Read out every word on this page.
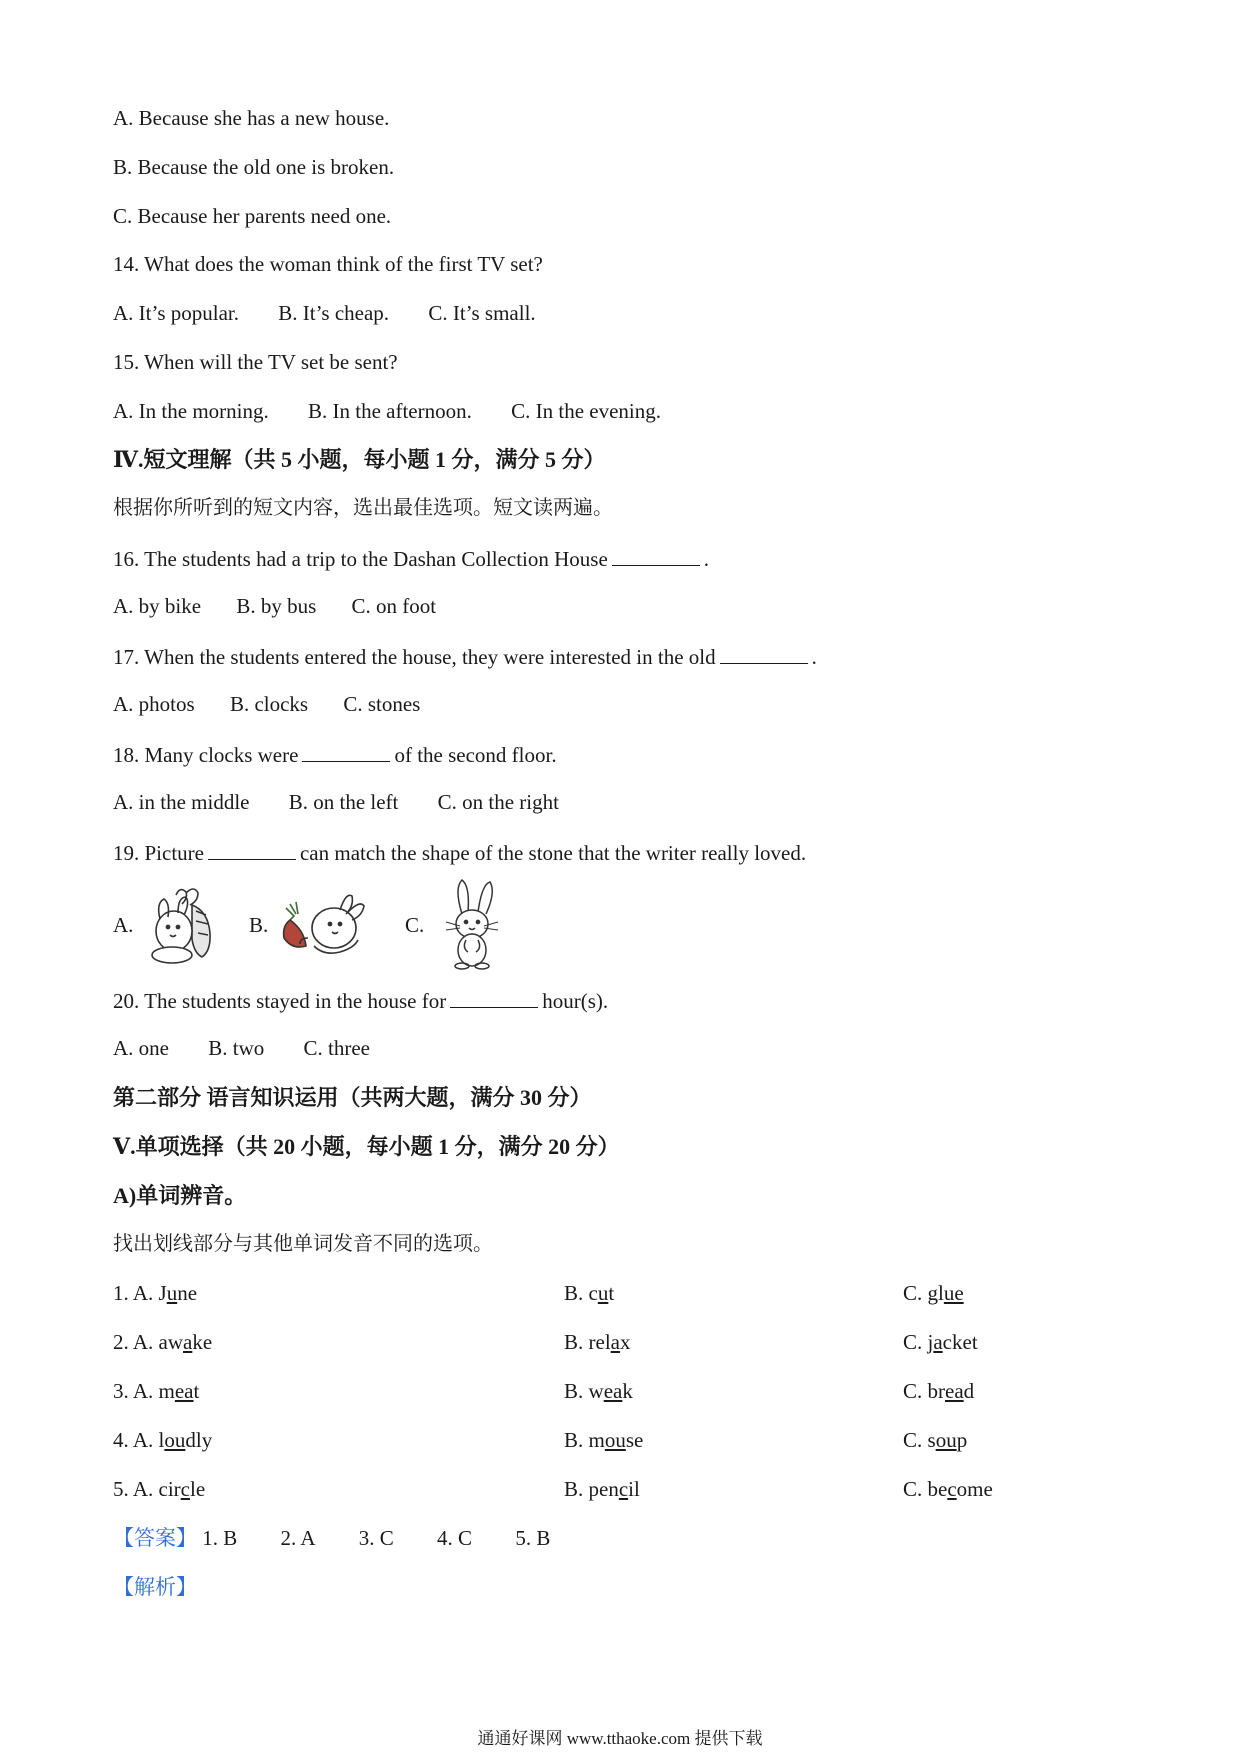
A. Because she has a new house.
B. Because the old one is broken.
C. Because her parents need one.
14. What does the woman think of the first TV set?
A. It’s popular. B. It’s cheap. C. It’s small.
15. When will the TV set be sent?
A. In the morning. B. In the afternoon. C. In the evening.
Ⅳ.短文理解（共 5 小题，每小题 1 分，满分 5 分）
根据你所听到的短文内容，选出最佳选项。短文读两遍。
16. The students had a trip to the Dashan Collection House	.
A. by bike B. by bus C. on foot
17. When the students entered the house, they were interested in the old	.
A. photos B. clocks C. stones
18. Many clocks were	of the second floor.
A. in the middle B. on the left C. on the right
19. Picture	can match the shape of the stone that the writer really loved.
A.	B.	C.
20. The students stayed in the house for	hour(s).
A. one B. two C. three
第二部分 语言知识运用（共两大题，满分 30 分）
Ⅴ.单项选择（共 20 小题，每小题 1 分，满分 20 分）
A)单词辨音。
找出划线部分与其他单词发音不同的选项。
1. A. June	B. cut	C. glue
2. A. awake	B. relax	C. jacket
3. A. meat	B. weak	C. bread
4. A. loudly	B. mouse	C. soup
5. A. circle	B. pencil	C. become
【答案】 1. B 2. A 3. C 4. C 5. B
【解析】
通通好课网 www.tthaoke.com 提供下载
